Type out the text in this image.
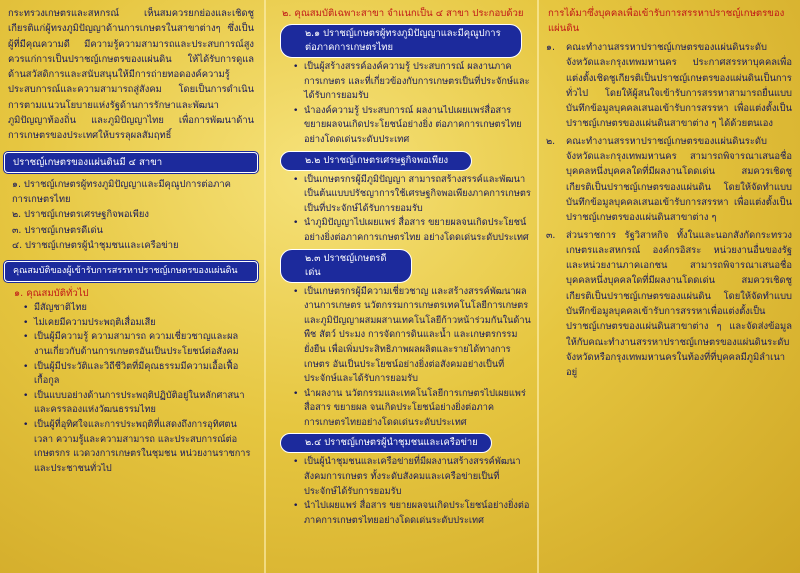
กระทรวงเกษตรและสหกรณ์ เห็นสมควรยกย่องและเชิดชูเกียรติแก่ผู้ทรงภูมิปัญญาด้านการเกษตรในสาขาต่างๆ ซึ่งเป็นผู้ที่มีคุณความดี มีความรู้ความสามารถและประสบการณ์สูงควรแก่การเป็นปราชญ์เกษตรของแผ่นดิน ให้ได้รับการดูแลด้านสวัสดิการและสนับสนุนให้มีการถ่ายทอดองค์ความรู้ ประสบการณ์และความสามารถสู่สังคม โดยเป็นการดำเนินการตามแนวนโยบายแห่งรัฐด้านการรักษาและพัฒนาภูมิปัญญาท้องถิ่น และภูมิปัญญาไทย เพื่อการพัฒนาด้านการเกษตรของประเทศให้บรรลุผลสัมฤทธิ์

ปราชญ์เกษตรของแผ่นดินมี ๔ สาขา
๑. ปราชญ์เกษตรผู้ทรงภูมิปัญญาและมีคุณูปการต่อภาคการเกษตรไทย
๒. ปราชญ์เกษตรเศรษฐกิจพอเพียง
๓. ปราชญ์เกษตรดีเด่น
๔. ปราชญ์เกษตรผู้นำชุมชนและเครือข่าย
คุณสมบัติของผู้เข้ารับการสรรหาปราชญ์เกษตรของแผ่นดิน
๑. คุณสมบัติทั่วไป
• มีสัญชาติไทย
• ไม่เคยมีความประพฤติเสื่อมเสีย
• เป็นผู้มีความรู้ ความสามารถ ความเชี่ยวชาญและผลงานเกี่ยวกับด้านการเกษตรอันเป็นประโยชน์ต่อสังคม
• เป็นผู้มีประวัติและวิถีชีวิตที่มีคุณธรรมมีความเอื้อเฟื้อเกื้อกูล
• เป็นแบบอย่างด้านการประพฤติปฏิบัติอยู่ในหลักศาสนาและครรลองแห่งวัฒนธรรมไทย
• เป็นผู้ที่อุทิศใจและการประพฤติที่แสดงถึงการอุทิศตนเวลา ความรู้และความสามารถ และประสบการณ์ต่อเกษตรกร แวดวงการเกษตรในชุมชน หน่วยงานราชการและประชาชนทั่วไป
๒. คุณสมบัติเฉพาะสาขา จำแนกเป็น ๔ สาขา ประกอบด้วย
๒.๑ ปราชญ์เกษตรผู้ทรงภูมิปัญญาและมีคุณูปการต่อภาคการเกษตรไทย
• เป็นผู้สร้างสรรค์องค์ความรู้ ประสบการณ์ ผลงานภาคการเกษตร และที่เกี่ยวข้องกับการเกษตรเป็นที่ประจักษ์และได้รับการยอมรับ
• นำองค์ความรู้ ประสบการณ์ ผลงานไปเผยแพร่สื่อสาร ขยายผลจนเกิดประโยชน์อย่างยิ่ง ต่อภาคการเกษตรไทยอย่างโดดเด่นระดับประเทศ
๒.๒ ปราชญ์เกษตรเศรษฐกิจพอเพียง
• เป็นเกษตรกรผู้มีภูมิปัญญา สามารถสร้างสรรค์และพัฒนาเป็นต้นแบบปรัชญาการใช้เศรษฐกิจพอเพียงภาคการเกษตร เป็นที่ประจักษ์ได้รับการยอมรับ
• นำภูมิปัญญาไปเผยแพร่ สื่อสาร ขยายผลจนเกิดประโยชน์อย่างยิ่งต่อภาคการเกษตรไทย อย่างโดดเด่นระดับประเทศ
๒.๓ ปราชญ์เกษตรดีเด่น
• เป็นเกษตรกรผู้มีความเชี่ยวชาญ และสร้างสรรค์พัฒนาผลงานการเกษตร นวัตกรรมการเกษตรเทคโนโลยีการเกษตร และภูมิปัญญาผสมผสานเทคโนโลยีก้าวหน้าร่วมกันในด้านพืช สัตว์ ประมง การจัดการดินและน้ำ และเกษตรกรรมยั่งยืน เพื่อเพิ่มประสิทธิภาพผลผลิตและรายได้ทางการเกษตร อันเป็นประโยชน์อย่างยิ่งต่อสังคมอย่างเป็นที่ประจักษ์และได้รับการยอมรับ
• นำผลงาน นวัตกรรมและเทคโนโลยีการเกษตรไปเผยแพร่ สื่อสาร ขยายผล จนเกิดประโยชน์อย่างยิ่งต่อภาคการเกษตรไทยอย่างโดดเด่นระดับประเทศ
๒.๔ ปราชญ์เกษตรผู้นำชุมชนและเครือข่าย
• เป็นผู้นำชุมชนและเครือข่ายที่มีผลงานสร้างสรรค์พัฒนาสังคมการเกษตร ทั้งระดับสังคมและเครือข่ายเป็นที่ประจักษ์ได้รับการยอมรับ
• นำไปเผยแพร่ สื่อสาร ขยายผลจนเกิดประโยชน์อย่างยิ่งต่อภาคการเกษตรไทยอย่างโดดเด่นระดับประเทศ
การได้มาซึ่งบุคคลเพื่อเข้ารับการสรรหาปราชญ์เกษตรของแผ่นดิน
๑. คณะทำงานสรรหาปราชญ์เกษตรของแผ่นดินระดับจังหวัดและกรุงเทพมหานคร ประกาศสรรหาบุคคลเพื่อแต่งตั้งเชิดชูเกียรติเป็นปราชญ์เกษตรของแผ่นดินเป็นการทั่วไป โดยให้ผู้สนใจเข้ารับการสรรหาสามารถยื่นแบบบันทึกข้อมูลบุคคลเสนอเข้ารับการสรรหา เพื่อแต่งตั้งเป็นปราชญ์เกษตรของแผ่นดินสาขาต่าง ๆ ได้ด้วยตนเอง
๒. คณะทำงานสรรหาปราชญ์เกษตรของแผ่นดินระดับจังหวัดและกรุงเทพมหานคร สามารถพิจารณาเสนอชื่อบุคคลหนึ่งบุคคลใดที่มีผลงานโดดเด่น สมควรเชิดชูเกียรติเป็นปราชญ์เกษตรของแผ่นดิน โดยให้จัดทำแบบบันทึกข้อมูลบุคคลเสนอเข้ารับการสรรหา เพื่อแต่งตั้งเป็นปราชญ์เกษตรของแผ่นดินสาขาต่าง ๆ
๓. ส่วนราชการ รัฐวิสาหกิจ ทั้งในและนอกสังกัดกระทรวงเกษตรและสหกรณ์ องค์กรอิสระ หน่วยงานอื่นของรัฐ และหน่วยงานภาคเอกชน สามารถพิจารณาเสนอชื่อบุคคลหนึ่งบุคคลใดที่มีผลงานโดดเด่น สมควรเชิดชูเกียรติเป็นปราชญ์เกษตรของแผ่นดิน โดยให้จัดทำแบบบันทึกข้อมูลบุคคลเข้ารับการสรรหาเพื่อแต่งตั้งเป็นปราชญ์เกษตรของแผ่นดินสาขาต่าง ๆ และจัดส่งข้อมูลให้กับคณะทำงานสรรหาปราชญ์เกษตรของแผ่นดินระดับจังหวัดหรือกรุงเทพมหานครในท้องที่ที่บุคคลมีภูมิลำเนาอยู่
